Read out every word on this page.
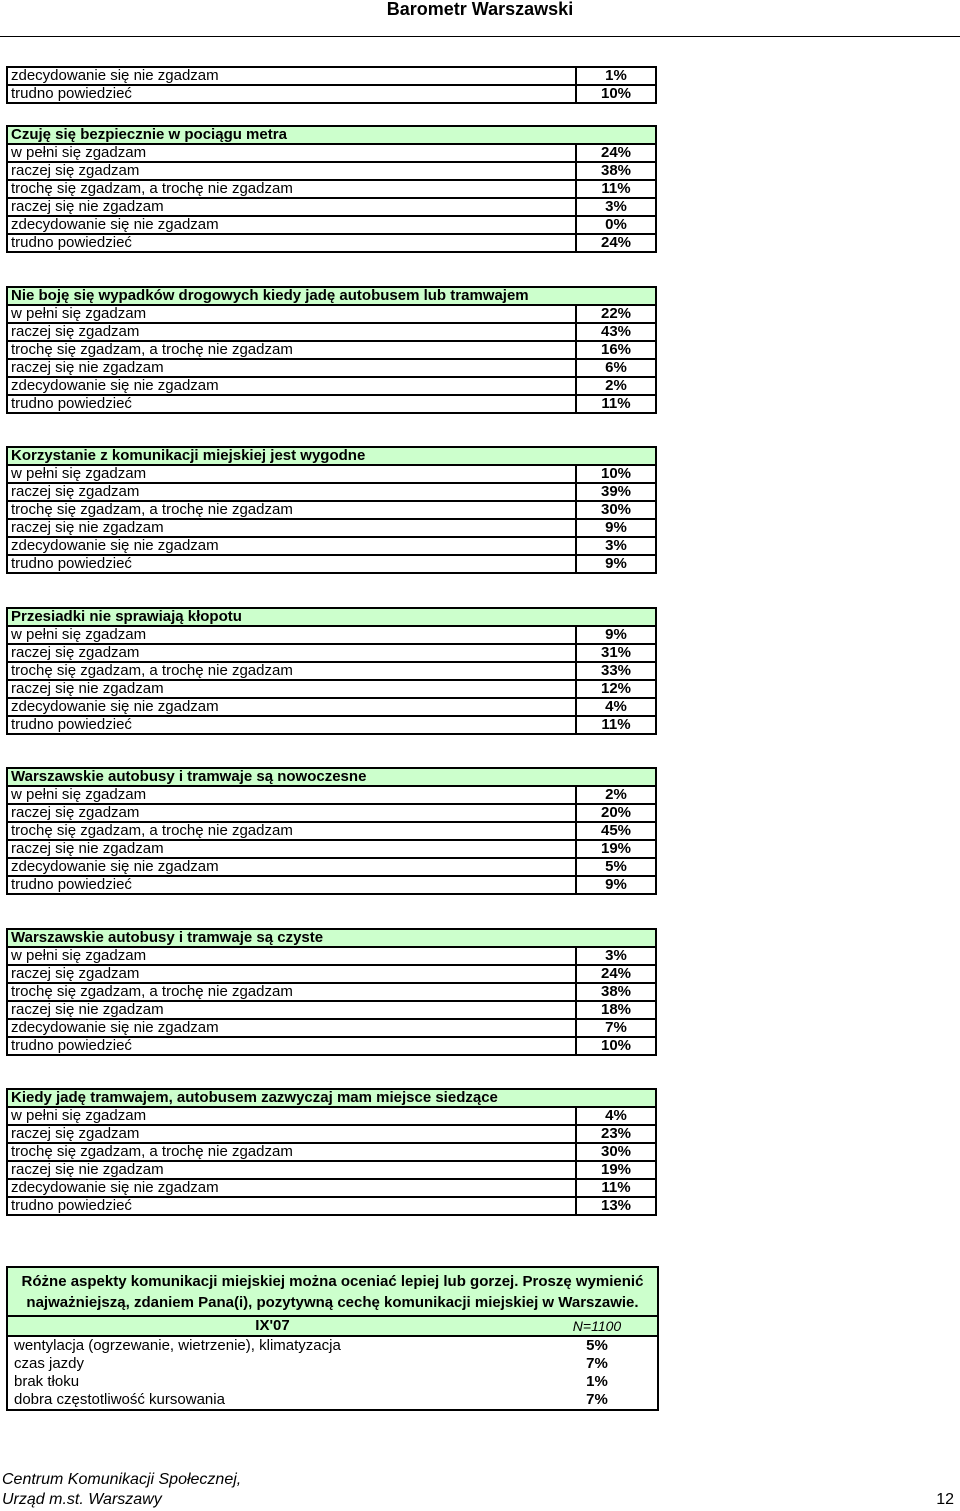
Barometr Warszawski
zdecydowanie się nie zgadzam	1%
trudno powiedzieć	10%
Czuję się bezpiecznie w pociągu metra	
w pełni się zgadzam	24%
raczej się zgadzam	38%
trochę się zgadzam, a trochę nie zgadzam	11%
raczej się nie zgadzam	3%
zdecydowanie się nie zgadzam	0%
trudno powiedzieć	24%
Nie boję się wypadków drogowych kiedy jadę autobusem lub tramwajem	
w pełni się zgadzam	22%
raczej się zgadzam	43%
trochę się zgadzam, a trochę nie zgadzam	16%
raczej się nie zgadzam	6%
zdecydowanie się nie zgadzam	2%
trudno powiedzieć	11%
Korzystanie z komunikacji miejskiej jest wygodne	
w pełni się zgadzam	10%
raczej się zgadzam	39%
trochę się zgadzam, a trochę nie zgadzam	30%
raczej się nie zgadzam	9%
zdecydowanie się nie zgadzam	3%
trudno powiedzieć	9%
Przesiadki nie sprawiają kłopotu	
w pełni się zgadzam	9%
raczej się zgadzam	31%
trochę się zgadzam, a trochę nie zgadzam	33%
raczej się nie zgadzam	12%
zdecydowanie się nie zgadzam	4%
trudno powiedzieć	11%
Warszawskie autobusy i tramwaje są nowoczesne	
w pełni się zgadzam	2%
raczej się zgadzam	20%
trochę się zgadzam, a trochę nie zgadzam	45%
raczej się nie zgadzam	19%
zdecydowanie się nie zgadzam	5%
trudno powiedzieć	9%
Warszawskie autobusy i tramwaje są czyste	
w pełni się zgadzam	3%
raczej się zgadzam	24%
trochę się zgadzam, a trochę nie zgadzam	38%
raczej się nie zgadzam	18%
zdecydowanie się nie zgadzam	7%
trudno powiedzieć	10%
Kiedy jadę tramwajem, autobusem zazwyczaj mam miejsce siedzące	
w pełni się zgadzam	4%
raczej się zgadzam	23%
trochę się zgadzam, a trochę nie zgadzam	30%
raczej się nie zgadzam	19%
zdecydowanie się nie zgadzam	11%
trudno powiedzieć	13%
Różne aspekty komunikacji miejskiej można oceniać lepiej lub gorzej. Proszę wymienić najważniejszą, zdaniem Pana(i), pozytywną cechę komunikacji miejskiej w Warszawie.
IX'07	N=1100
wentylacja (ogrzewanie, wietrzenie), klimatyzacja	5%
czas jazdy	7%
brak tłoku	1%
dobra częstotliwość kursowania	7%
Centrum Komunikacji Społecznej,
Urząd m.st. Warszawy	12
